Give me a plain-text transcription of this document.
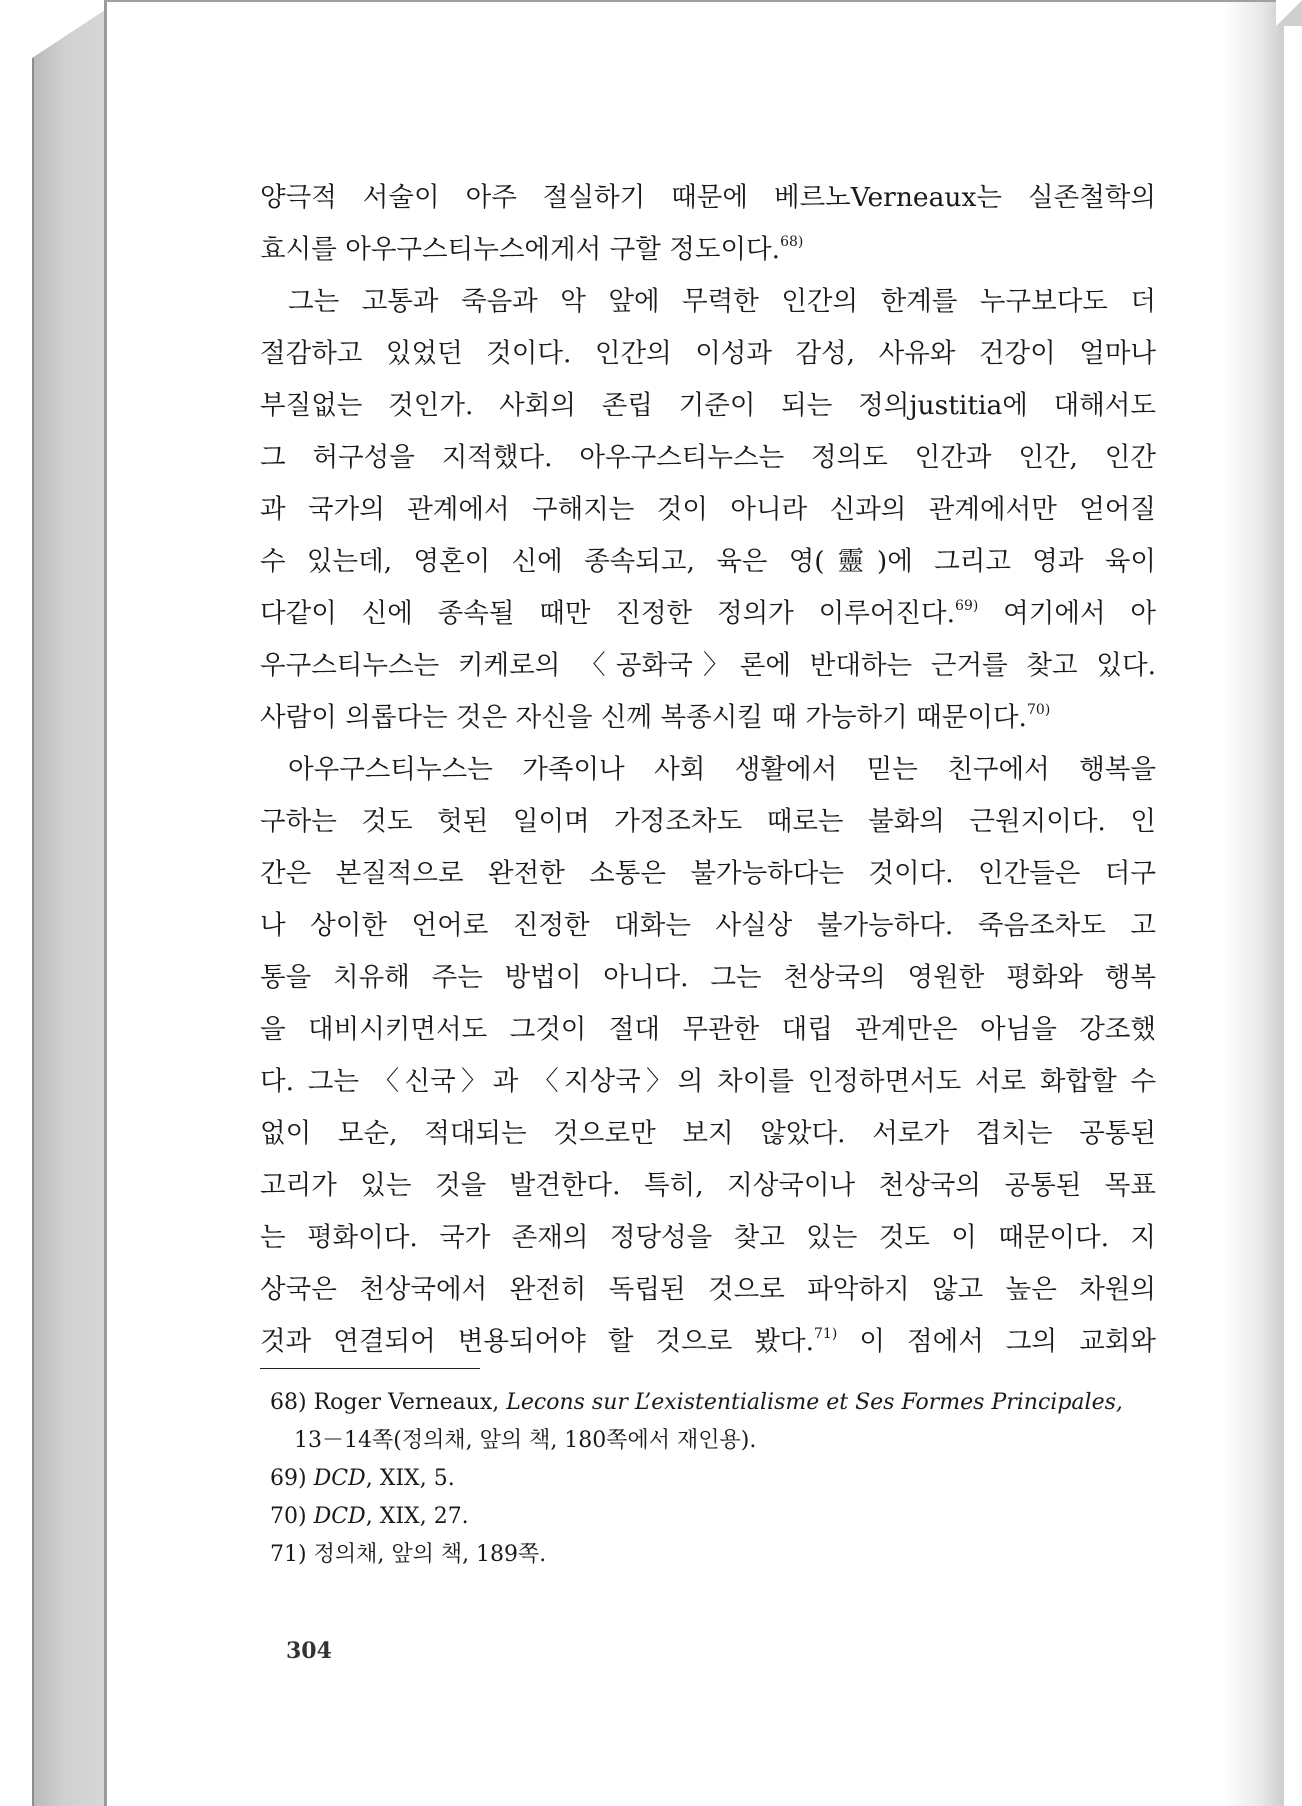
양극적 서술이 아주 절실하기 때문에 베르노Verneaux는 실존철학의
효시를 아우구스티누스에게서 구할 정도이다.$^{68)}$
그는 고통과 죽음과 악 앞에 무력한 인간의 한계를 누구보다도 더
절감하고 있었던 것이다. 인간의 이성과 감성, 사유와 건강이 얼마나
부질없는 것인가. 사회의 존립 기준이 되는 정의justitia에 대해서도
그 허구성을 지적했다. 아우구스티누스는 정의도 인간과 인간, 인간
과 국가의 관계에서 구해지는 것이 아니라 신과의 관계에서만 얻어질
수 있는데, 영혼이 신에 종속되고, 육은 영(靈)에 그리고 영과 육이
다같이 신에 종속될 때만 진정한 정의가 이루어진다.$^{69)}$ 여기에서 아
우구스티누스는 키케로의 〈공화국〉론에 반대하는 근거를 찾고 있다.
사람이 의롭다는 것은 자신을 신께 복종시킬 때 가능하기 때문이다.$^{70)}$
아우구스티누스는 가족이나 사회 생활에서 믿는 친구에서 행복을
구하는 것도 헛된 일이며 가정조차도 때로는 불화의 근원지이다. 인
간은 본질적으로 완전한 소통은 불가능하다는 것이다. 인간들은 더구
나 상이한 언어로 진정한 대화는 사실상 불가능하다. 죽음조차도 고
통을 치유해 주는 방법이 아니다. 그는 천상국의 영원한 평화와 행복
을 대비시키면서도 그것이 절대 무관한 대립 관계만은 아님을 강조했
다. 그는 〈신국〉과 〈지상국〉의 차이를 인정하면서도 서로 화합할 수
없이 모순, 적대되는 것으로만 보지 않았다. 서로가 겹치는 공통된
고리가 있는 것을 발견한다. 특히, 지상국이나 천상국의 공통된 목표
는 평화이다. 국가 존재의 정당성을 찾고 있는 것도 이 때문이다. 지
상국은 천상국에서 완전히 독립된 것으로 파악하지 않고 높은 차원의
것과 연결되어 변용되어야 할 것으로 봤다.$^{71)}$ 이 점에서 그의 교회와
68) Roger Verneaux, Lecons sur L’existentialisme et Ses Formes Principales,
13－14쪽(정의채, 앞의 책, 180쪽에서 재인용).
69) DCD, XIX, 5.
70) DCD, XIX, 27.
71) 정의채, 앞의 책, 189쪽.
304
